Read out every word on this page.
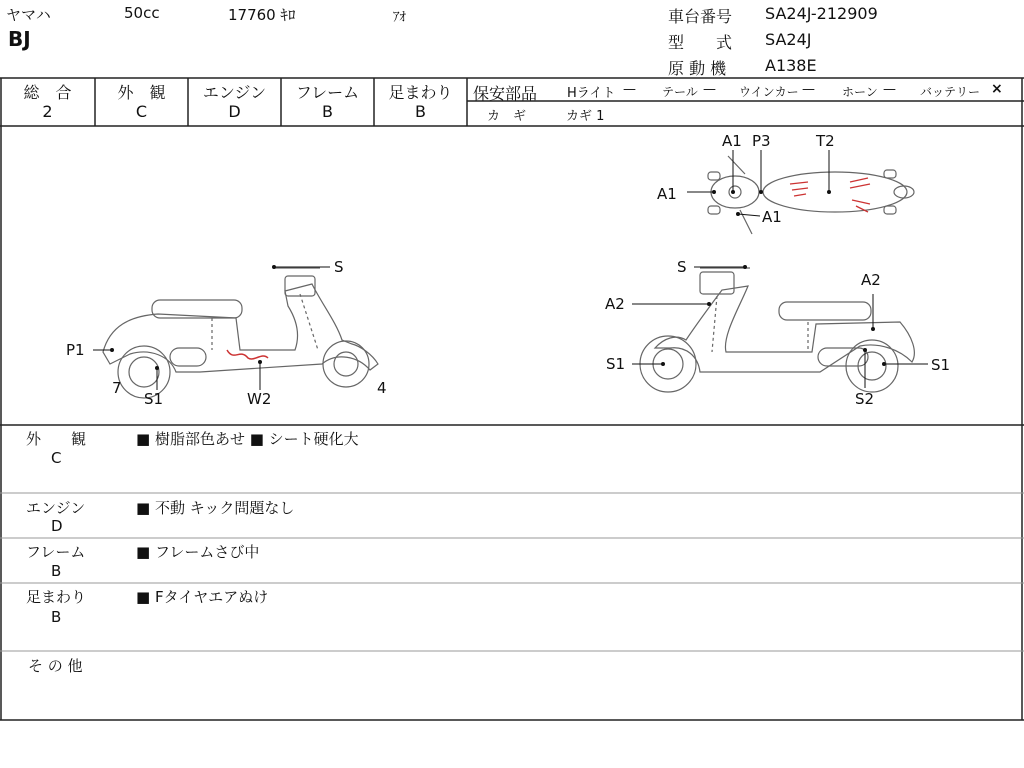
ヤマハ	50cc	17760 ｷﾛ	ｱｵ
BJ
車台番号 SA24J-212909
型　　式 SA24J
原 動 機 A138E
総　合
2
外　観
C
エンジン
D
フレーム
B
足まわり
B
保安部品 Hライト — テール — ウインカー — ホーン — バッテリー ×
カ　ギ	カギ 1
S
P1
7
S1	W2
4
S
A2
A2
S1	S1
S2
A1 P3	T2
A1
A1
外　　観
C
■ 樹脂部色あせ ■ シート硬化大
エンジン
D
■ 不動 キック問題なし
フレーム
B
■ フレームさび中
足まわり
B
■ Fタイヤエアぬけ
そ の 他
